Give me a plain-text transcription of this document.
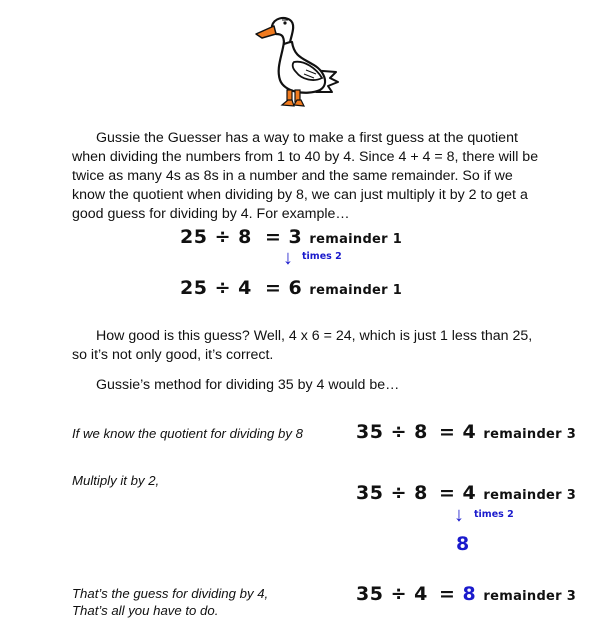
Gussie the Guesser has a way to make a first guess at the quotient
when dividing the numbers from 1 to 40 by 4. Since 4 + 4 = 8, there will be
twice as many 4s as 8s in a number and the same remainder. So if we
know the quotient when dividing by 8, we can just multiply it by 2 to get a
good guess for dividing by 4. For example…
25 ÷ 8 = 3 remainder 1
↓ times 2
25 ÷ 4 = 6 remainder 1
How good is this guess? Well, 4 x 6 = 24, which is just 1 less than 25,
so it’s not only good, it’s correct.
Gussie’s method for dividing 35 by 4 would be…
If we know the quotient for dividing by 8	35 ÷ 8 = 4 remainder 3
Multiply it by 2,
35 ÷ 8 = 4 remainder 3
↓ times 2
8
That’s the guess for dividing by 4,
That’s all you have to do.
35 ÷ 4 = 8 remainder 3
